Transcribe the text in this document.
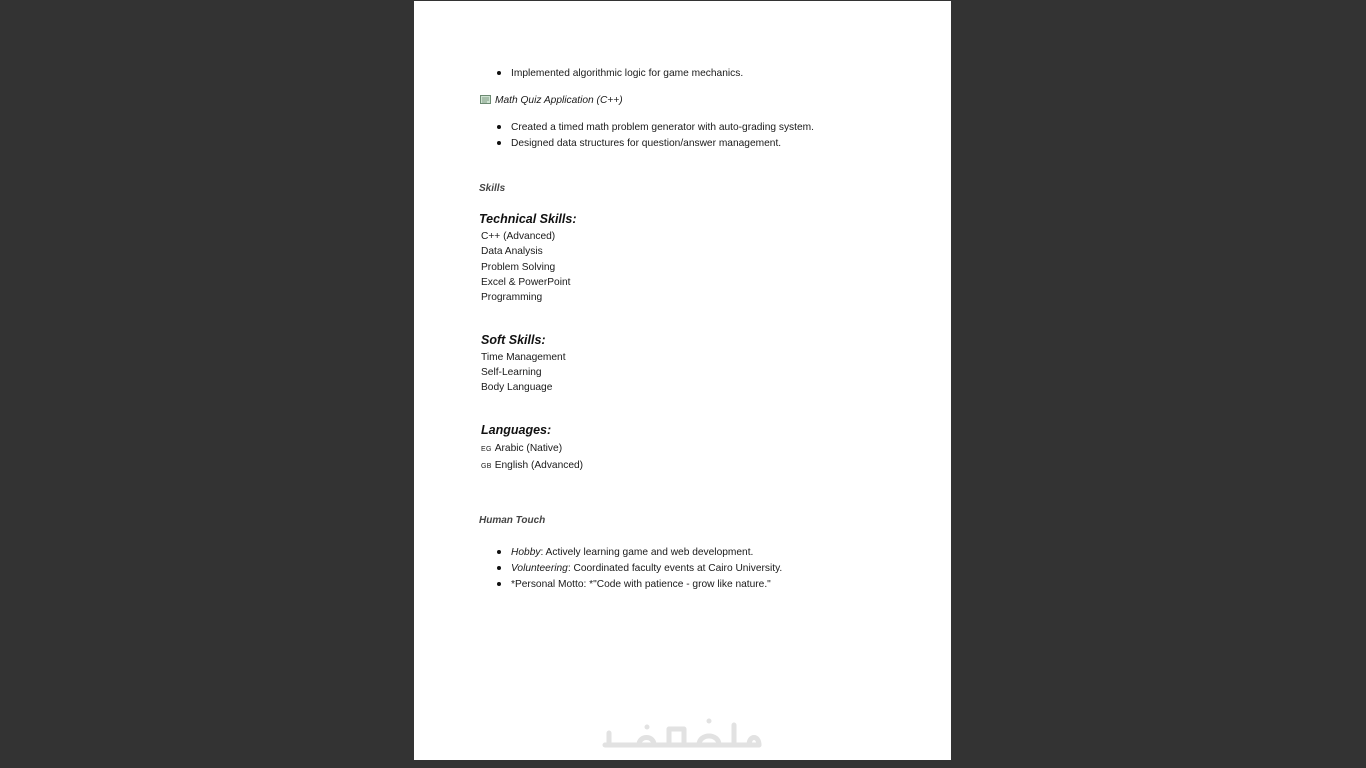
Implemented algorithmic logic for game mechanics.
Math Quiz Application (C++)
Created a timed math problem generator with auto-grading system.
Designed data structures for question/answer management.
Skills
Technical Skills:
C++ (Advanced)
Data Analysis
Problem Solving
Excel & PowerPoint
Programming
Soft Skills:
Time Management
Self-Learning
Body Language
Languages:
EG Arabic (Native)
GB English (Advanced)
Human Touch
Hobby: Actively learning game and web development.
Volunteering: Coordinated faculty events at Cairo University.
*Personal Motto: *"Code with patience - grow like nature."
